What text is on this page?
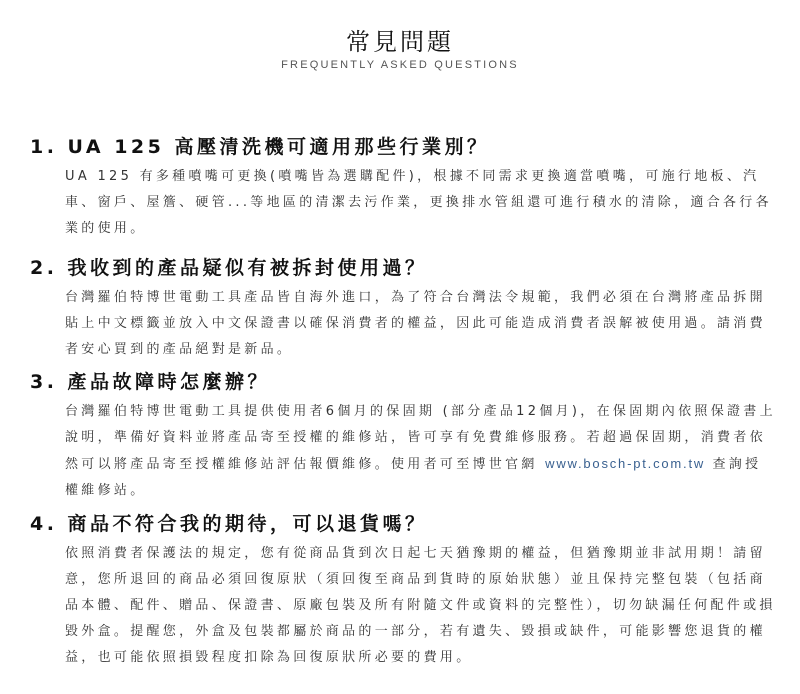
常見問題
FREQUENTLY ASKED QUESTIONS
1. UA 125 高壓清洗機可適用那些行業別？

UA 125 有多種噴嘴可更換(噴嘴皆為選購配件)，根據不同需求更換適當噴嘴，可施行地板、汽車、窗戶、屋簷、硬管...等地區的清潔去污作業，更換排水管組還可進行積水的清除，適合各行各業的使用。

2. 我收到的產品疑似有被拆封使用過？

台灣羅伯特博世電動工具產品皆自海外進口，為了符合台灣法令規範，我們必須在台灣將產品拆開貼上中文標籤並放入中文保證書以確保消費者的權益，因此可能造成消費者誤解被使用過。請消費者安心買到的產品絕對是新品。

3. 產品故障時怎麼辦？

台灣羅伯特博世電動工具提供使用者6個月的保固期 (部分產品12個月)，在保固期內依照保證書上說明，準備好資料並將產品寄至授權的維修站，皆可享有免費維修服務。若超過保固期，消費者依然可以將產品寄至授權維修站評估報價維修。使用者可至博世官網 www.bosch-pt.com.tw 查詢授權維修站。

4. 商品不符合我的期待，可以退貨嗎？

依照消費者保護法的規定，您有從商品貨到次日起七天猶豫期的權益，但猶豫期並非試用期！請留意，您所退回的商品必須回復原狀（須回復至商品到貨時的原始狀態）並且保持完整包裝（包括商品本體、配件、贈品、保證書、原廠包裝及所有附隨文件或資料的完整性），切勿缺漏任何配件或損毀外盒。提醒您，外盒及包裝都屬於商品的一部分，若有遺失、毀損或缺件，可能影響您退貨的權益，也可能依照損毀程度扣除為回復原狀所必要的費用。
